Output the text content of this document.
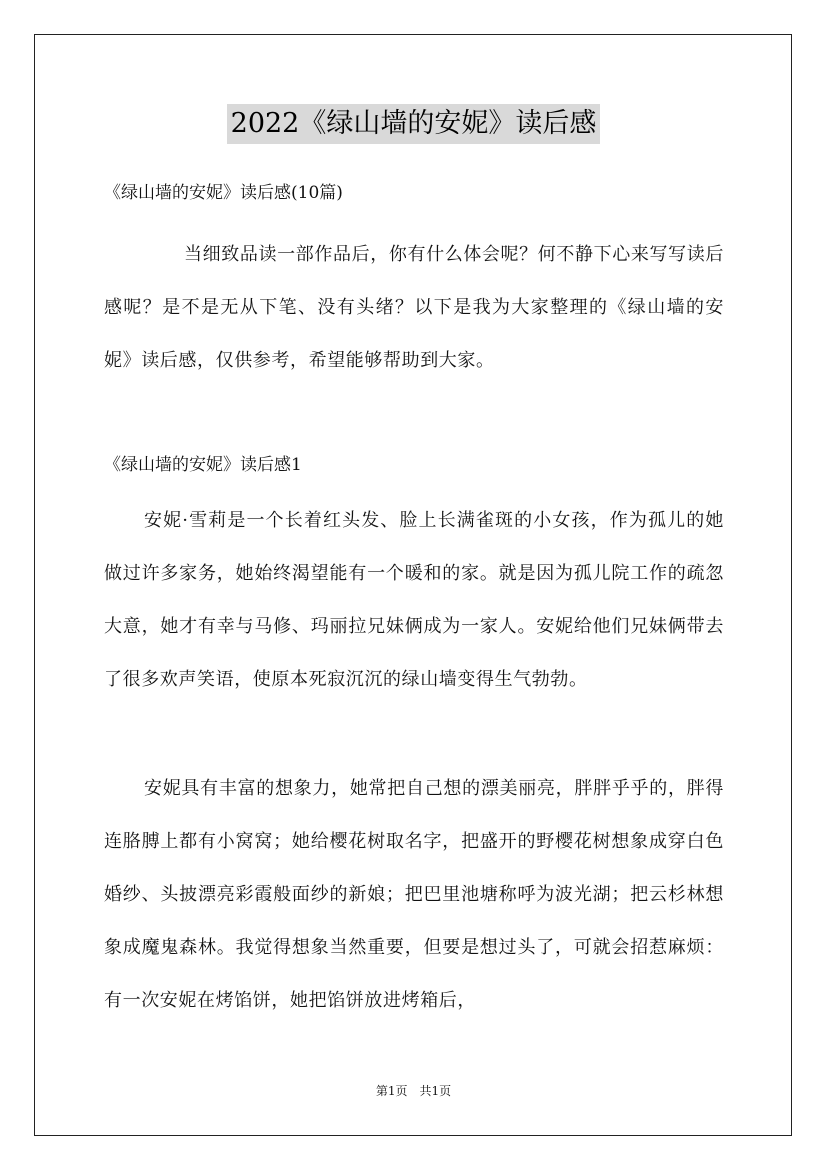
2022《绿山墙的安妮》读后感
《绿山墙的安妮》读后感(10篇)
当细致品读一部作品后，你有什么体会呢？何不静下心来写写读后感呢？是不是无从下笔、没有头绪？以下是我为大家整理的《绿山墙的安妮》读后感，仅供参考，希望能够帮助到大家。
《绿山墙的安妮》读后感1
安妮·雪莉是一个长着红头发、脸上长满雀斑的小女孩，作为孤儿的她做过许多家务，她始终渴望能有一个暖和的家。就是因为孤儿院工作的疏忽大意，她才有幸与马修、玛丽拉兄妹俩成为一家人。安妮给他们兄妹俩带去了很多欢声笑语，使原本死寂沉沉的绿山墙变得生气勃勃。
安妮具有丰富的想象力，她常把自己想的漂美丽亮，胖胖乎乎的，胖得连胳膊上都有小窝窝；她给樱花树取名字，把盛开的野樱花树想象成穿白色婚纱、头披漂亮彩霞般面纱的新娘；把巴里池塘称呼为波光湖；把云杉林想象成魔鬼森林。我觉得想象当然重要，但要是想过头了，可就会招惹麻烦：有一次安妮在烤馅饼，她把馅饼放进烤箱后，
第1页　共1页
